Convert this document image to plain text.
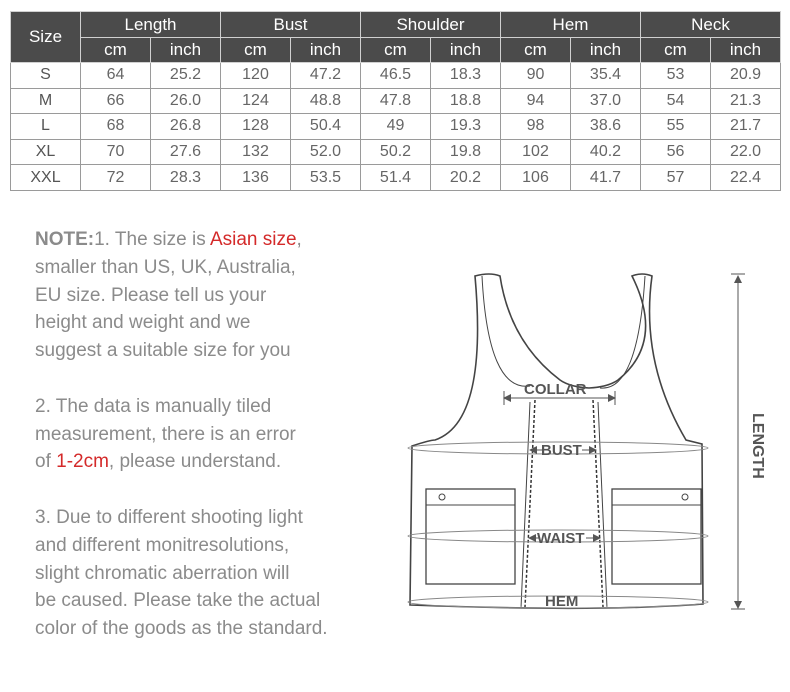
Size	Length		Bust		Shoulder		Hem		Neck	
	cm	inch	cm	inch	cm	inch	cm	inch	cm	inch
S	64	25.2	120	47.2	46.5	18.3	90	35.4	53	20.9
M	66	26.0	124	48.8	47.8	18.8	94	37.0	54	21.3
L	68	26.8	128	50.4	49	19.3	98	38.6	55	21.7
XL	70	27.6	132	52.0	50.2	19.8	102	40.2	56	22.0
XXL	72	28.3	136	53.5	51.4	20.2	106	41.7	57	22.4

NOTE:1. The size is Asian size,
smaller than US, UK, Australia,
EU size. Please tell us your
height and weight and we
suggest a suitable size for you

2. The data is manually tiled
measurement, there is an error
of 1-2cm, please understand.

3. Due to different shooting light
and different monitresolutions,
slight chromatic aberration will
be caused. Please take the actual
color of the goods as the standard.

COLLAR
BUST
WAIST
HEM
LENGTH
